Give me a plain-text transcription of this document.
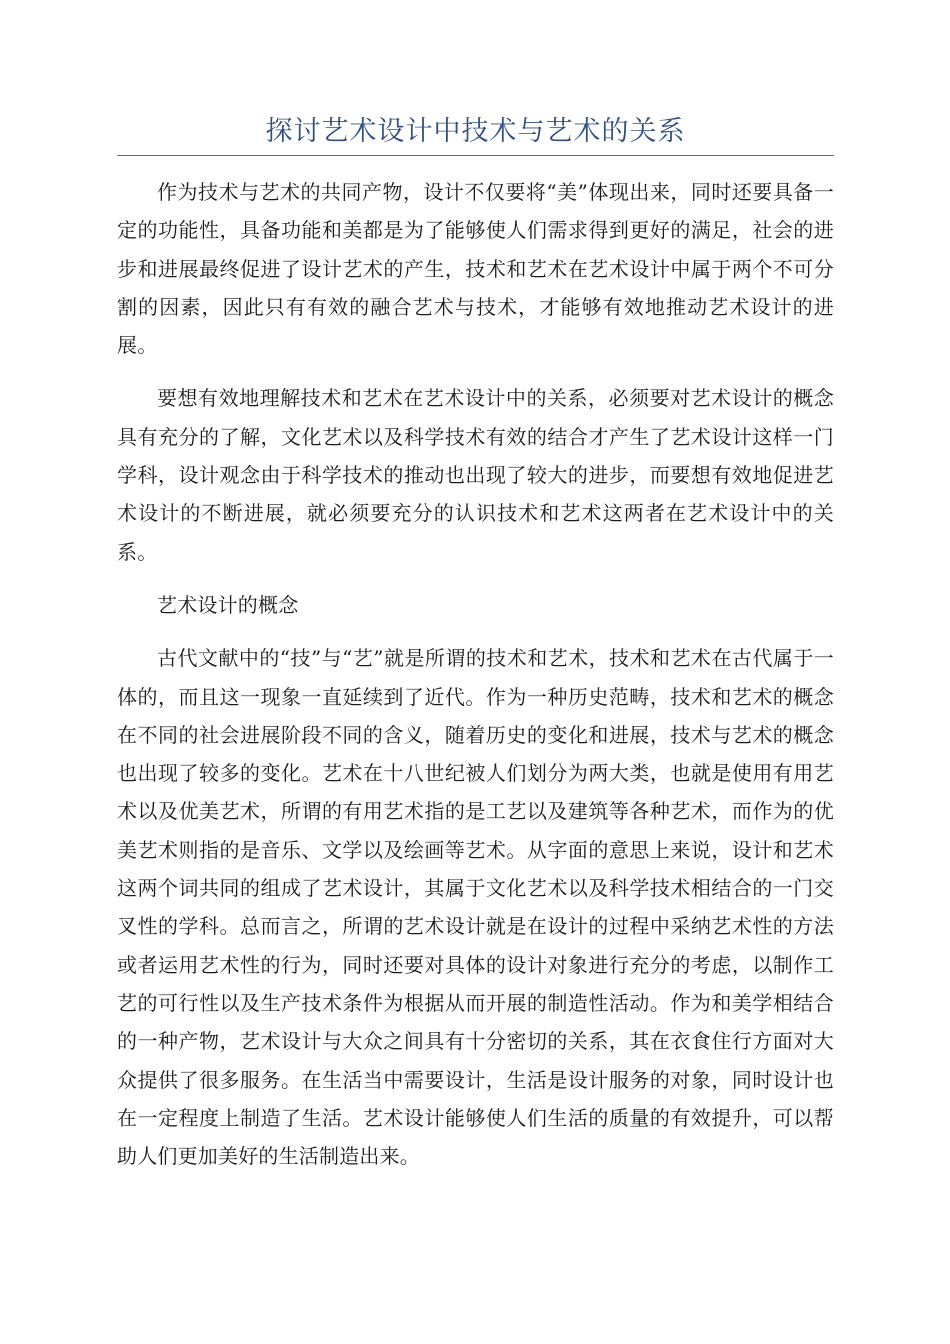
探讨艺术设计中技术与艺术的关系

作为技术与艺术的共同产物，设计不仅要将“美”体现出来，同时还要具备一定的功能性，具备功能和美都是为了能够使人们需求得到更好的满足，社会的进步和进展最终促进了设计艺术的产生，技术和艺术在艺术设计中属于两个不可分割的因素，因此只有有效的融合艺术与技术，才能够有效地推动艺术设计的进展。

要想有效地理解技术和艺术在艺术设计中的关系，必须要对艺术设计的概念具有充分的了解，文化艺术以及科学技术有效的结合才产生了艺术设计这样一门学科，设计观念由于科学技术的推动也出现了较大的进步，而要想有效地促进艺术设计的不断进展，就必须要充分的认识技术和艺术这两者在艺术设计中的关系。

艺术设计的概念

古代文献中的“技”与“艺”就是所谓的技术和艺术，技术和艺术在古代属于一体的，而且这一现象一直延续到了近代。作为一种历史范畴，技术和艺术的概念在不同的社会进展阶段不同的含义，随着历史的变化和进展，技术与艺术的概念也出现了较多的变化。艺术在十八世纪被人们划分为两大类，也就是使用有用艺术以及优美艺术，所谓的有用艺术指的是工艺以及建筑等各种艺术，而作为的优美艺术则指的是音乐、文学以及绘画等艺术。从字面的意思上来说，设计和艺术这两个词共同的组成了艺术设计，其属于文化艺术以及科学技术相结合的一门交叉性的学科。总而言之，所谓的艺术设计就是在设计的过程中采纳艺术性的方法或者运用艺术性的行为，同时还要对具体的设计对象进行充分的考虑，以制作工艺的可行性以及生产技术条件为根据从而开展的制造性活动。作为和美学相结合的一种产物，艺术设计与大众之间具有十分密切的关系，其在衣食住行方面对大众提供了很多服务。在生活当中需要设计，生活是设计服务的对象，同时设计也在一定程度上制造了生活。艺术设计能够使人们生活的质量的有效提升，可以帮助人们更加美好的生活制造出来。
